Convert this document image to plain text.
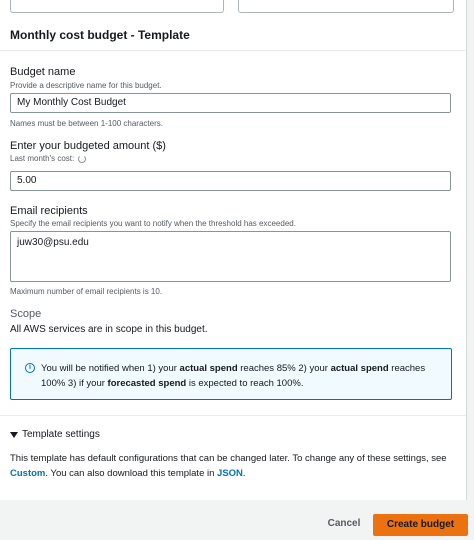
Monthly cost budget - Template
Budget name
Provide a descriptive name for this budget.
My Monthly Cost Budget
Names must be between 1-100 characters.
Enter your budgeted amount ($)
Last month's cost:
5.00
Email recipients
Specify the email recipients you want to notify when the threshold has exceeded.
juw30@psu.edu
Maximum number of email recipients is 10.
Scope
All AWS services are in scope in this budget.
i	You will be notified when 1) your actual spend reaches 85% 2) your actual spend reaches 100% 3) if your forecasted spend is expected to reach 100%.
Template settings
This template has default configurations that can be changed later. To change any of these settings, see Custom. You can also download this template in JSON.
Cancel	Create budget
